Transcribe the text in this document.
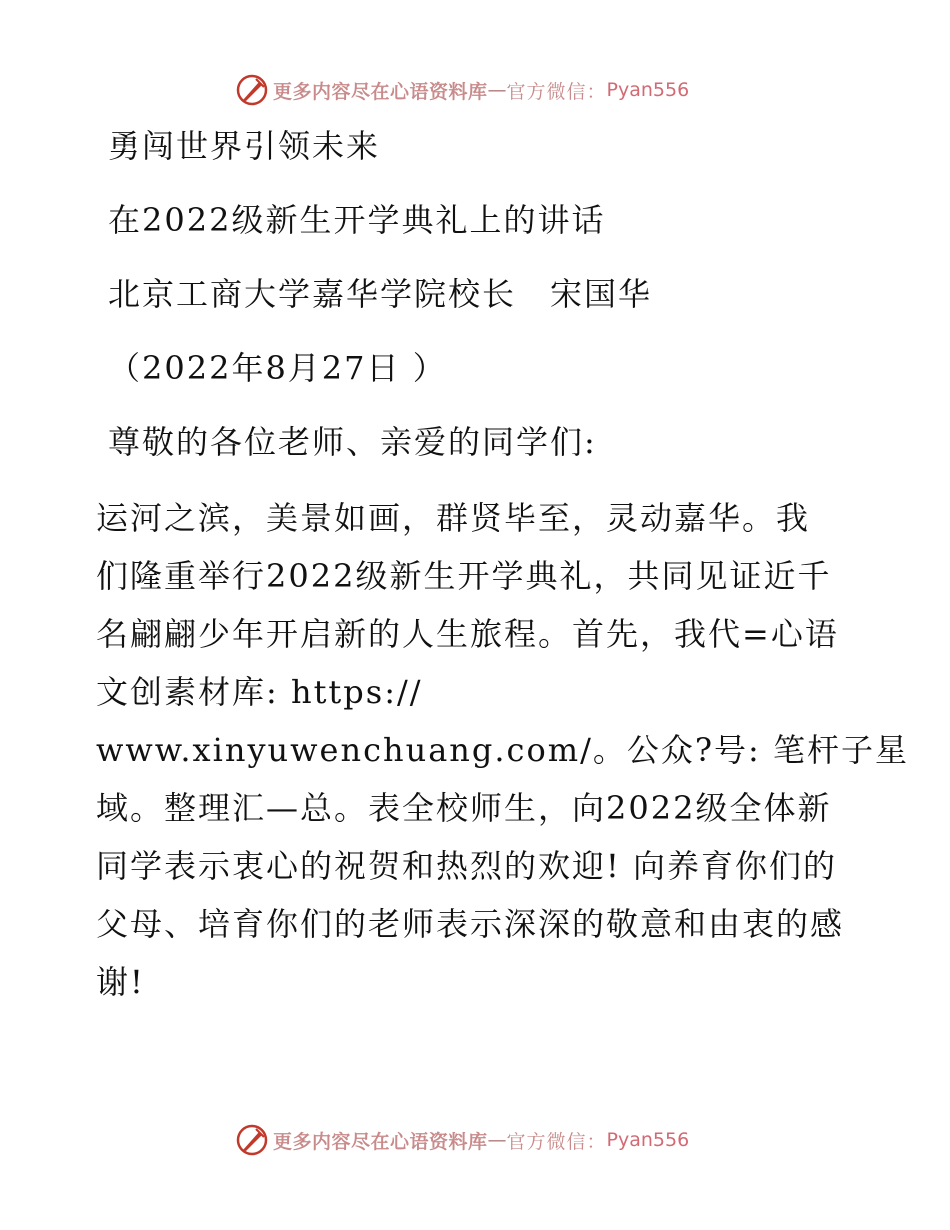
更多内容尽在心语资料库 — 官方微信： Pyan556
勇闯世界引领未来
在2022级新生开学典礼上的讲话
北京工商大学嘉华学院校长　宋国华
（2022年8月27日 ）
尊敬的各位老师、亲爱的同学们:
运河之滨，美景如画，群贤毕至，灵动嘉华。我
们隆重举行2022级新生开学典礼，共同见证近千
名翩翩少年开启新的人生旅程。首先，我代=心语
文创素材库: https://
www.xinyuwenchuang.com/。公众?号: 笔杆子星
域。整理汇—总。表全校师生，向2022级全体新
同学表示衷心的祝贺和热烈的欢迎! 向养育你们的
父母、培育你们的老师表示深深的敬意和由衷的感
谢!
更多内容尽在心语资料库 — 官方微信： Pyan556
